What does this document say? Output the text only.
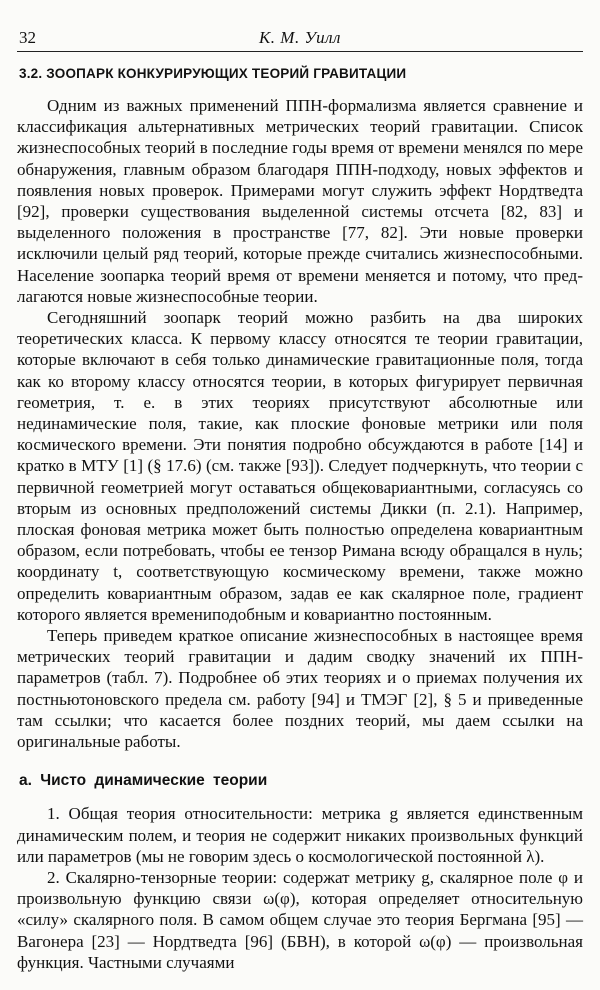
32	К. М. Уилл
3.2. ЗООПАРК КОНКУРИРУЮЩИХ ТЕОРИЙ ГРАВИТАЦИИ

Одним из важных применений ППН-формализма является сравнение и классификация альтернативных метрических теорий гравитации. Список жизнеспособных теорий в последние годы время от времени менялся по мере обнаружения, главным образом благодаря ППН-подходу, новых эффектов и появления новых проверок. Примерами могут служить эффект Нордтведта [92], проверки существования выделенной системы отсчета [82, 83] и выделенного положения в пространстве [77, 82]. Эти новые проверки исключили целый ряд теорий, которые прежде считались жизнеспособными. Население зоопарка теорий время от времени меняется и потому, что предлагаются новые жизнеспособные теории.

Сегодняшний зоопарк теорий можно разбить на два широких теоретических класса. К первому классу относятся те теории гравитации, которые включают в себя только динамические гравитационные поля, тогда как ко второму классу относятся теории, в которых фигурирует первичная геометрия, т. е. в этих теориях присутствуют абсолютные или нединамические поля, такие, как плоские фоновые метрики или поля космического времени. Эти понятия подробно обсуждаются в работе [14] и кратко в МТУ [1] (§ 17.6) (см. также [93]). Следует подчеркнуть, что теории с первичной геометрией могут оставаться общековариантными, согласуясь со вторым из основных предположений системы Дикки (п. 2.1). Например, плоская фоновая метрика может быть полностью определена ковариантным образом, если потребовать, чтобы ее тензор Римана всюду обращался в нуль; координату t, соответствующую космическому времени, также можно определить ковариантным образом, задав ее как скалярное поле, градиент которого является времениподобным и ковариантно постоянным.

Теперь приведем краткое описание жизнеспособных в настоящее время метрических теорий гравитации и дадим сводку значений их ППН-параметров (табл. 7). Подробнее об этих теориях и о приемах получения их постньютоновского предела см. работу [94] и ТМЭГ [2], § 5 и приведенные там ссылки; что касается более поздних теорий, мы даем ссылки на оригинальные работы.

а. Чисто динамические теории

1. Общая теория относительности: метрика g является единственным динамическим полем, и теория не содержит никаких произвольных функций или параметров (мы не говорим здесь о космологической постоянной λ).

2. Скалярно-тензорные теории: содержат метрику g, скалярное поле φ и произвольную функцию связи ω(φ), которая определяет относительную «силу» скалярного поля. В самом общем случае это теория Бергмана [95] — Вагонера [23] — Нордтведта [96] (БВН), в которой ω(φ) — произвольная функция. Частными случаями
